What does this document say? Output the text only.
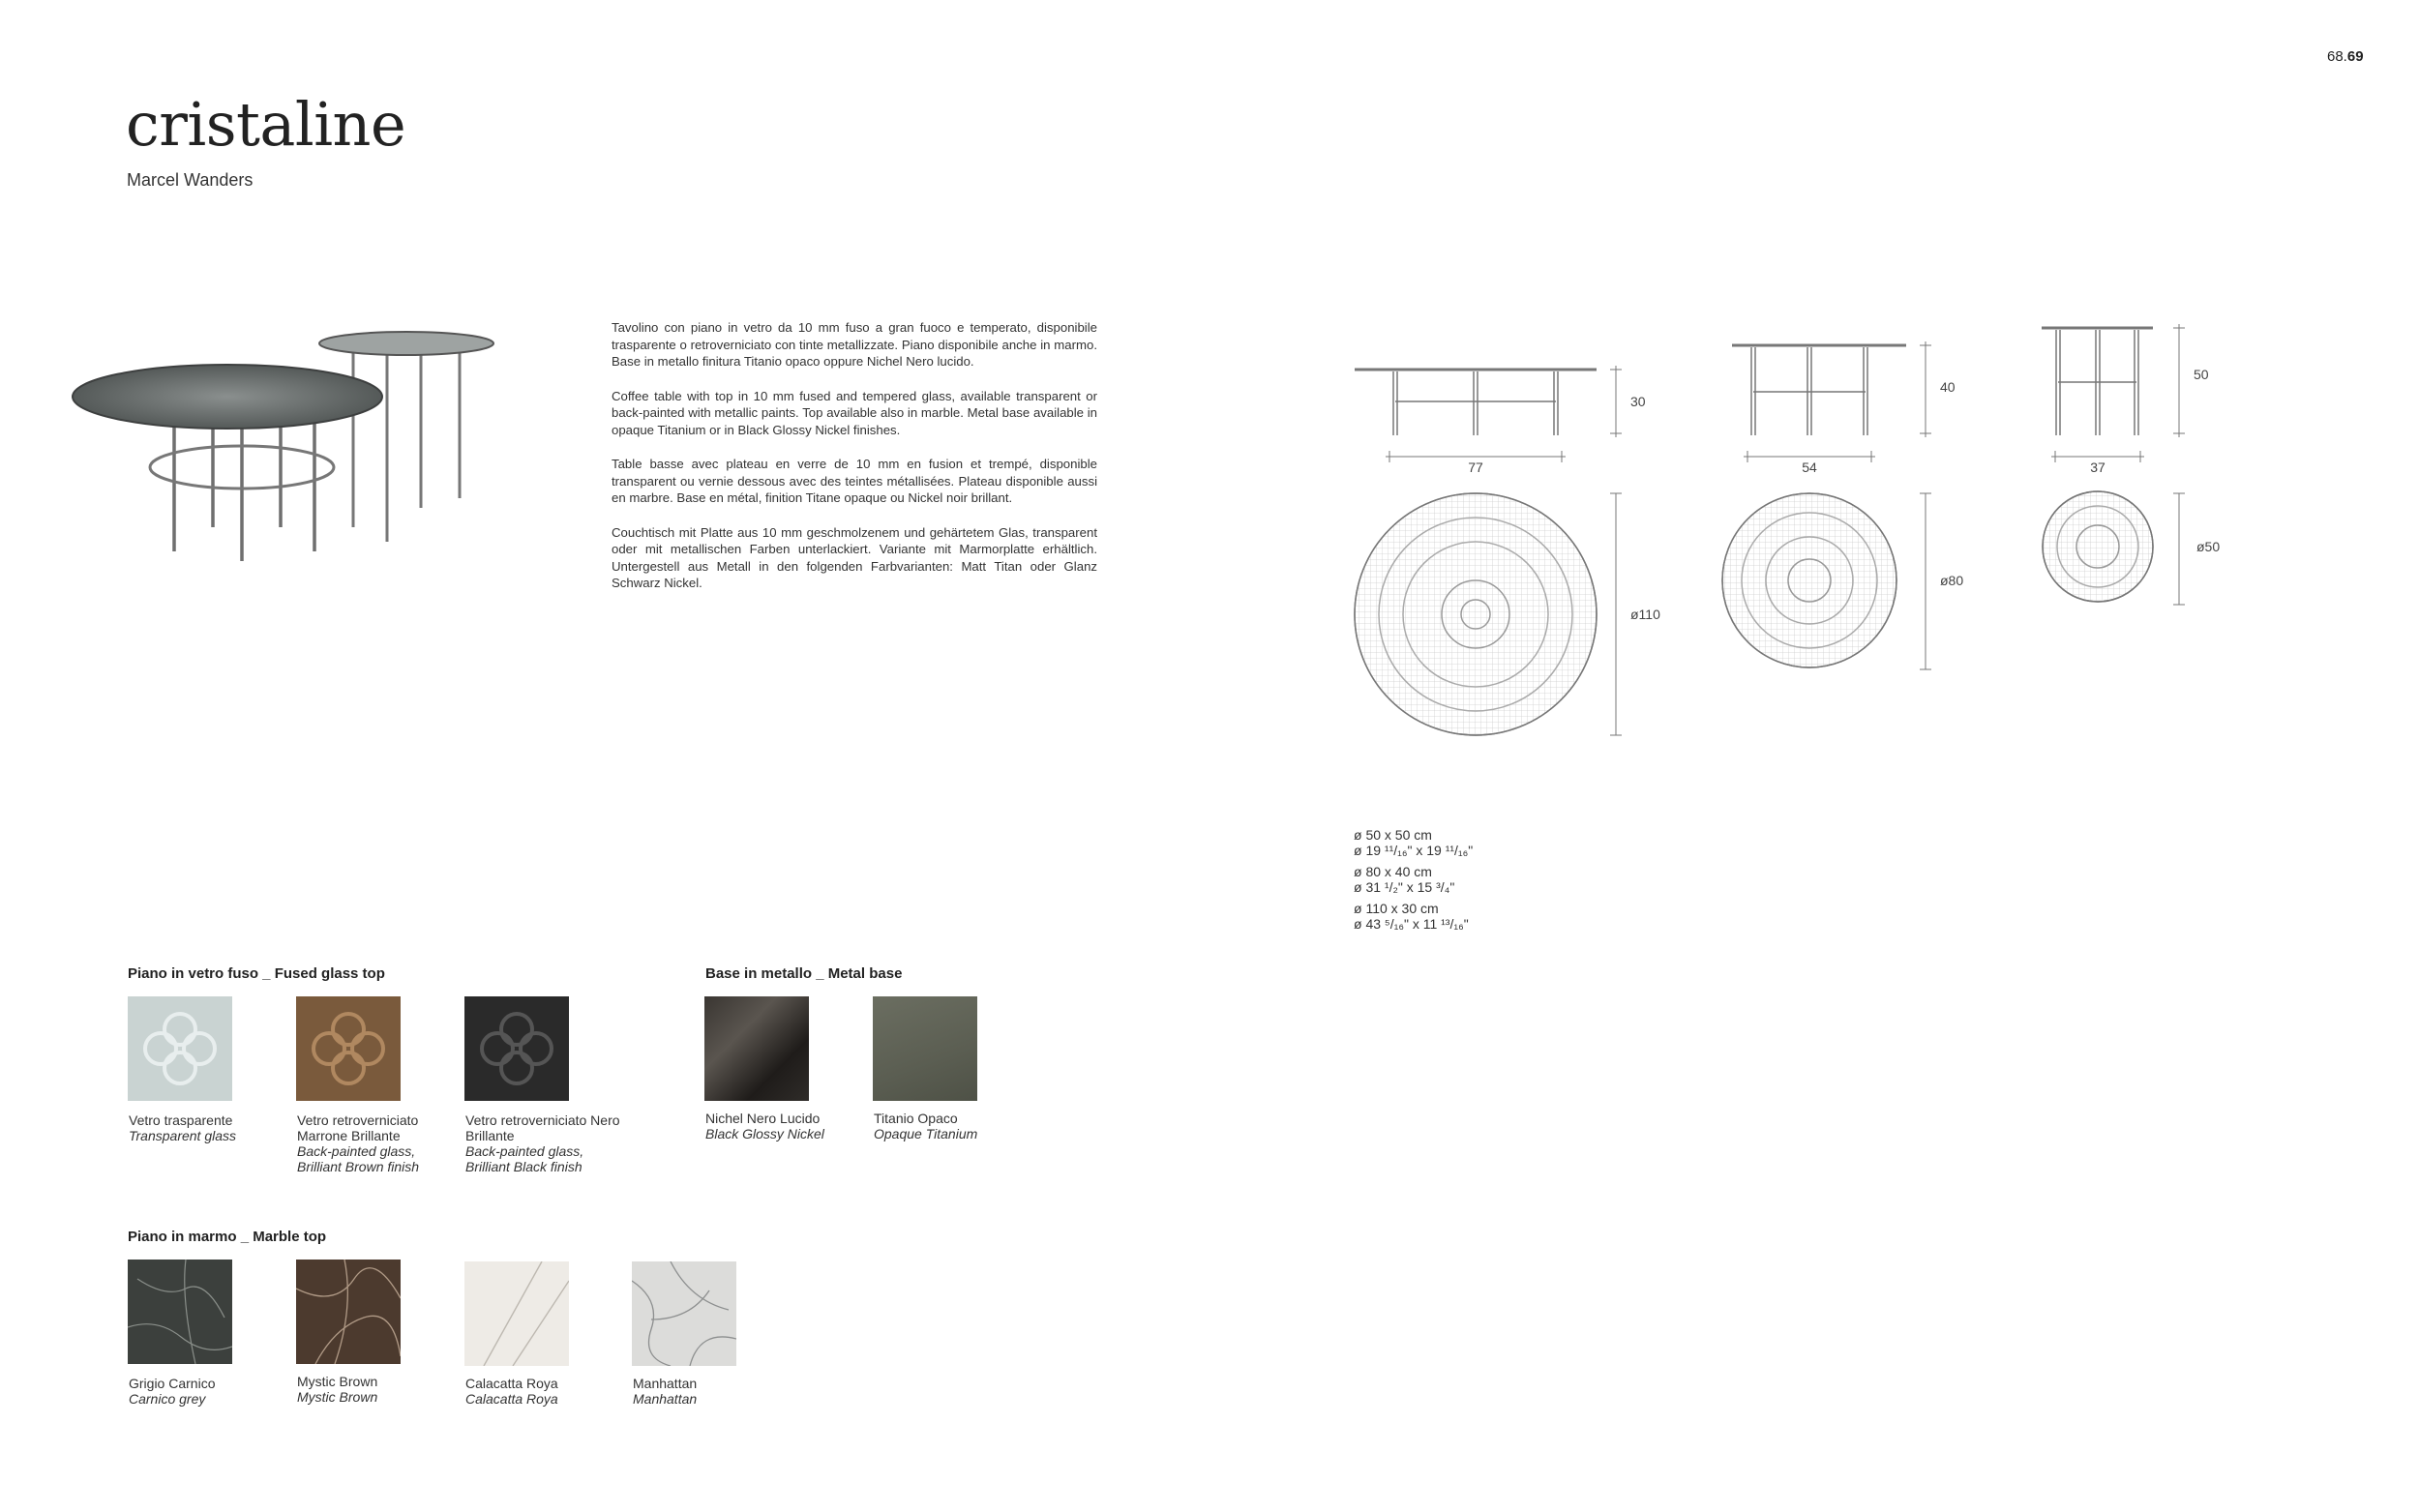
68.69
cristaline
Marcel Wanders

Tavolino con piano in vetro da 10 mm fuso a gran fuoco e temperato, disponibile trasparente o retroverniciato con tinte metallizzate. Piano disponibile anche in marmo. Base in metallo finitura Titanio opaco oppure Nichel Nero lucido.

Coffee table with top in 10 mm fused and tempered glass, available transparent or back-painted with metallic paints. Top available also in marble. Metal base available in opaque Titanium or in Black Glossy Nickel finishes.

Table basse avec plateau en verre de 10 mm en fusion et trempé, disponible transparent ou vernie dessous avec des teintes métallisées. Plateau disponible aussi en marbre. Base en métal, finition Titane opaque ou Nickel noir brillant.

Couchtisch mit Platte aus 10 mm geschmolzenem und gehärtetem Glas, transparent oder mit metallischen Farben unterlackiert. Variante mit Marmorplatte erhältlich. Untergestell aus Metall in den folgenden Farbvarianten: Matt Titan oder Glanz Schwarz Nickel.

30
77
ø110
40
54
ø80
50
37
ø50
ø 50 x 50 cm
ø 19 ¹¹/₁₆" x 19 ¹¹/₁₆"
ø 80 x 40 cm
ø 31 ¹/₂" x 15 ³/₄"
ø 110 x 30 cm
ø 43 ⁵/₁₆" x 11 ¹³/₁₆"
Piano in vetro fuso _ Fused glass top
Vetro trasparente
Transparent glass
Vetro retroverniciato Marrone Brillante
Back-painted glass, Brilliant Brown finish
Vetro retroverniciato Nero Brillante
Back-painted glass, Brilliant Black finish
Base in metallo _ Metal base
Nichel Nero Lucido
Black Glossy Nickel
Titanio Opaco
Opaque Titanium
Piano in marmo _ Marble top
Grigio Carnico
Carnico grey
Mystic Brown
Mystic Brown
Calacatta Roya
Calacatta Roya
Manhattan
Manhattan
